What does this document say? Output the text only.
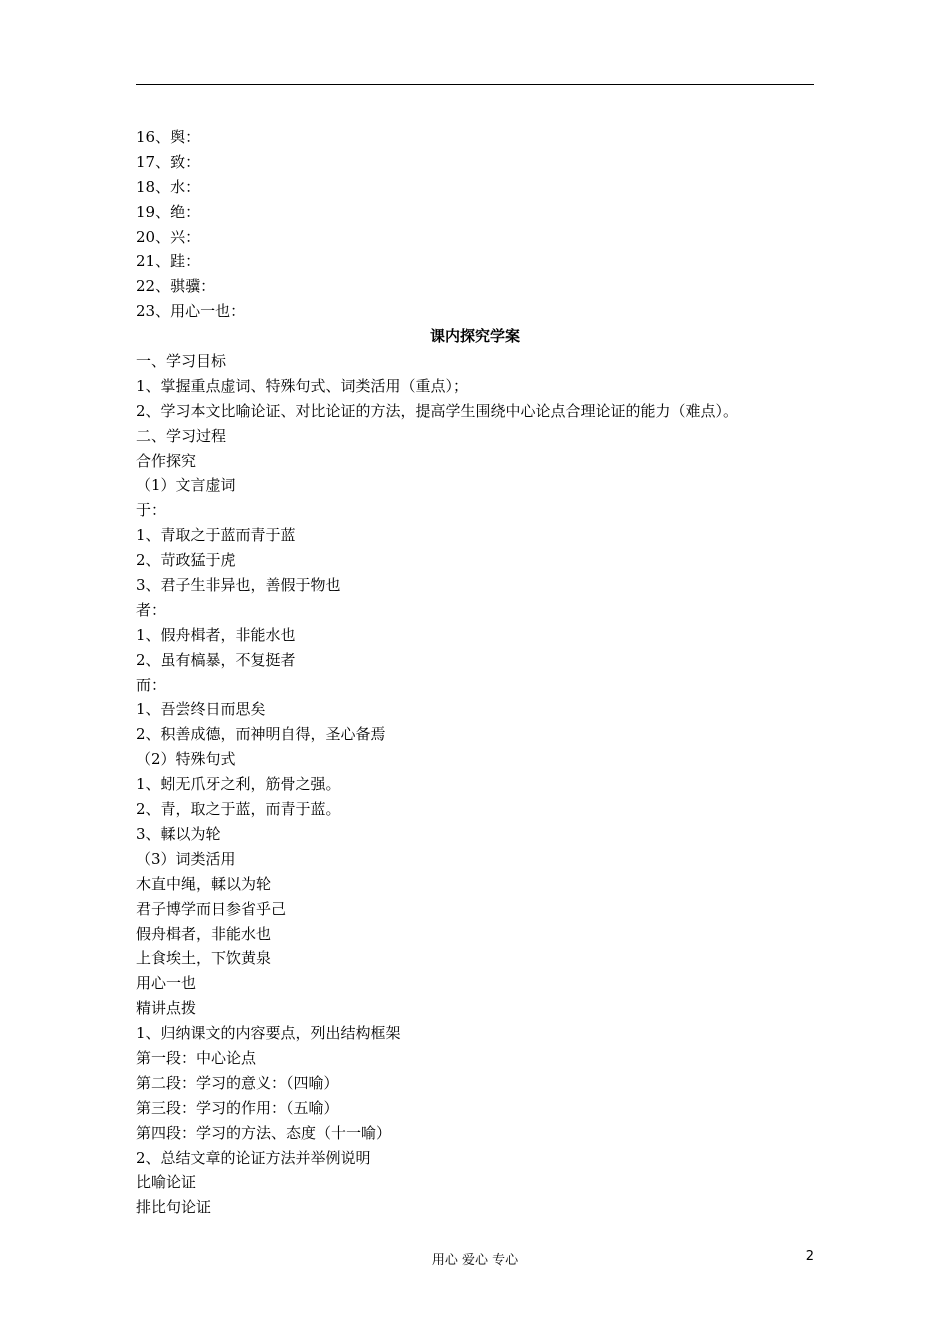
16、舆：
17、致：
18、水：
19、绝：
20、兴：
21、跬：
22、骐骥：
23、用心一也：
课内探究学案
一、学习目标
1、掌握重点虚词、特殊句式、词类活用（重点）；
2、学习本文比喻论证、对比论证的方法，提高学生围绕中心论点合理论证的能力（难点）。
二、学习过程
合作探究
（1）文言虚词
于：
1、青取之于蓝而青于蓝
2、苛政猛于虎
3、君子生非异也，善假于物也
者：
1、假舟楫者，非能水也
2、虽有槁暴，不复挺者
而：
1、吾尝终日而思矣
2、积善成德，而神明自得，圣心备焉
（2）特殊句式
1、蚓无爪牙之利，筋骨之强。
2、青，取之于蓝，而青于蓝。
3、輮以为轮
（3）词类活用
木直中绳，輮以为轮
君子博学而日参省乎己
假舟楫者，非能水也
上食埃土，下饮黄泉
用心一也
精讲点拨
1、归纳课文的内容要点，列出结构框架
第一段：中心论点
第二段：学习的意义：（四喻）
第三段：学习的作用：（五喻）
第四段：学习的方法、态度（十一喻）
2、总结文章的论证方法并举例说明
比喻论证
排比句论证
用心 爱心 专心	2
